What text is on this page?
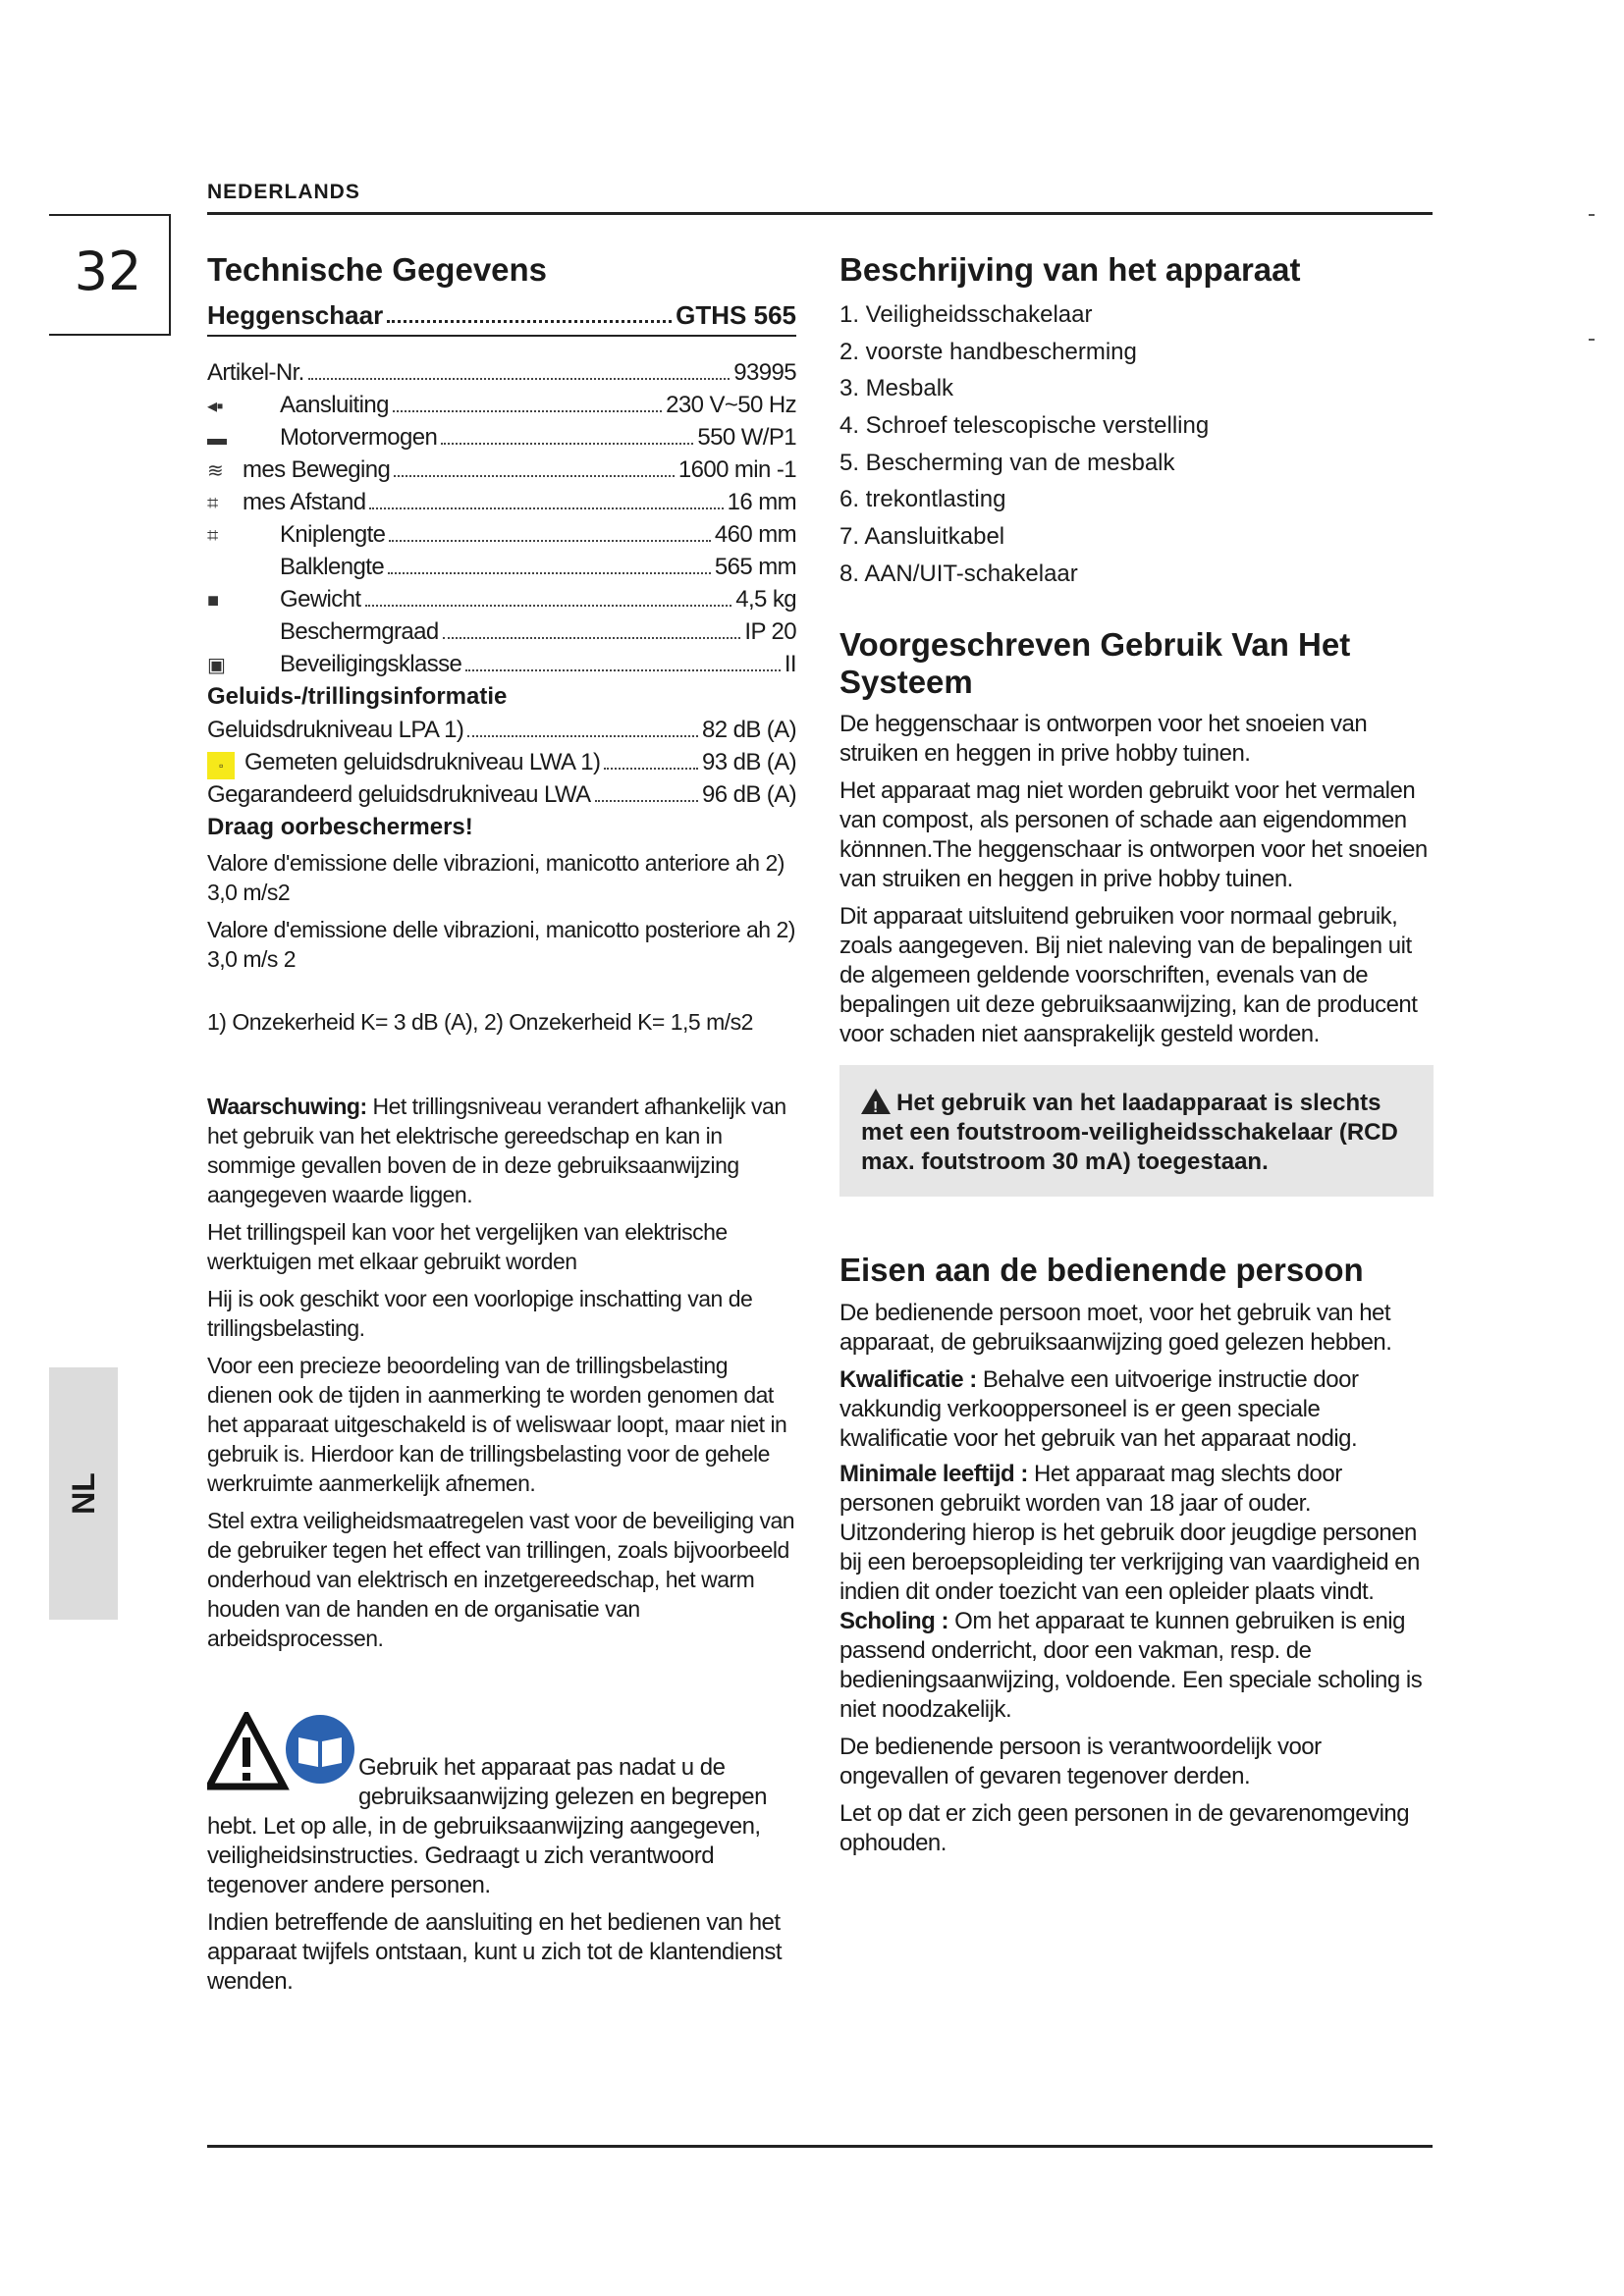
NEDERLANDS
32
NL
Technische Gegevens
Heggenschaar	GTHS 565
Artikel-Nr.	93995
◂▪	Aansluiting	230 V~50 Hz
▬	Motorvermogen	550 W/P1
≋ mes Beweging	1600 min -1
⌗	mes Afstand	16 mm
⌗	Kniplengte	460 mm
Balklengte	565 mm
■	Gewicht	4,5 kg
Beschermgraad	IP 20
▣	Beveiligingsklasse	II
Geluids-/trillingsinformatie
Geluidsdrukniveau LPA 1)	82 dB (A)
▫ Gemeten geluidsdrukniveau LWA 1)	93 dB (A)
Gegarandeerd geluidsdrukniveau LWA	96 dB (A)
Draag oorbeschermers!

Valore d'emissione delle vibrazioni, manicotto anteriore ah 2) 3,0 m/s2

Valore d'emissione delle vibrazioni, manicotto posteriore ah 2) 3,0 m/s 2

1) Onzekerheid K= 3 dB (A), 2) Onzekerheid K= 1,5 m/s2

Waarschuwing: Het trillingsniveau verandert afhankelijk van het gebruik van het elektrische gereedschap en kan in sommige gevallen boven de in deze gebruiksaanwijzing aangegeven waarde liggen.

Het trillingspeil kan voor het vergelijken van elektrische werktuigen met elkaar gebruikt worden

Hij is ook geschikt voor een voorlopige inschatting van de trillingsbelasting.

Voor een precieze beoordeling van de trillingsbelasting dienen ook de tijden in aanmerking te worden genomen dat het apparaat uitgeschakeld is of weliswaar loopt, maar niet in gebruik is. Hierdoor kan de trillingsbelasting voor de gehele werkruimte aanmerkelijk afnemen.

Stel extra veiligheidsmaatregelen vast voor de beveiliging van de gebruiker tegen het effect van trillingen, zoals bijvoorbeeld onderhoud van elektrisch en inzetgereedschap, het warm houden van de handen en de organisatie van arbeidsprocessen.

Gebruik het apparaat pas nadat u de gebruiksaanwijzing gelezen en begrepen hebt. Let op alle, in de gebruiksaanwijzing aangegeven, veiligheidsinstructies. Gedraagt u zich verantwoord tegenover andere personen.

Indien betreffende de aansluiting en het bedienen van het apparaat twijfels ontstaan, kunt u zich tot de klantendienst wenden.

Beschrijving van het apparaat
1. Veiligheidsschakelaar
2. voorste handbescherming
3. Mesbalk
4. Schroef telescopische verstelling
5. Bescherming van de mesbalk
6. trekontlasting
7. Aansluitkabel
8. AAN/UIT-schakelaar
Voorgeschreven Gebruik Van Het Systeem

De heggenschaar is ontworpen voor het snoeien van struiken en heggen in prive hobby tuinen.

Het apparaat mag niet worden gebruikt voor het vermalen van compost, als personen of schade aan eigendommen könnnen.The heggenschaar is ontworpen voor het snoeien van struiken en heggen in prive hobby tuinen.

Dit apparaat uitsluitend gebruiken voor normaal gebruik, zoals aangegeven. Bij niet naleving van de bepalingen uit de algemeen geldende voorschriften, evenals van de bepalingen uit deze gebruiksaanwijzing, kan de producent voor schaden niet aansprakelijk gesteld worden.

!Het gebruik van het laadapparaat is slechts met een foutstroom-veiligheidsschakelaar (RCD max. foutstroom 30 mA) toegestaan.
Eisen aan de bedienende persoon

De bedienende persoon moet, voor het gebruik van het apparaat, de gebruiksaanwijzing goed gelezen hebben.

Kwalificatie : Behalve een uitvoerige instructie door vakkundig verkooppersoneel is er geen speciale kwalificatie voor het gebruik van het apparaat nodig.

Minimale leeftijd : Het apparaat mag slechts door personen gebruikt worden van 18 jaar of ouder. Uitzondering hierop is het gebruik door jeugdige personen bij een beroepsopleiding ter verkrijging van vaardigheid en indien dit onder toezicht van een opleider plaats vindt.

Scholing : Om het apparaat te kunnen gebruiken is enig passend onderricht, door een vakman, resp. de bedieningsaanwijzing, voldoende. Een speciale scholing is niet noodzakelijk.

De bedienende persoon is verantwoordelijk voor ongevallen of gevaren tegenover derden.

Let op dat er zich geen personen in de gevarenomgeving ophouden.
